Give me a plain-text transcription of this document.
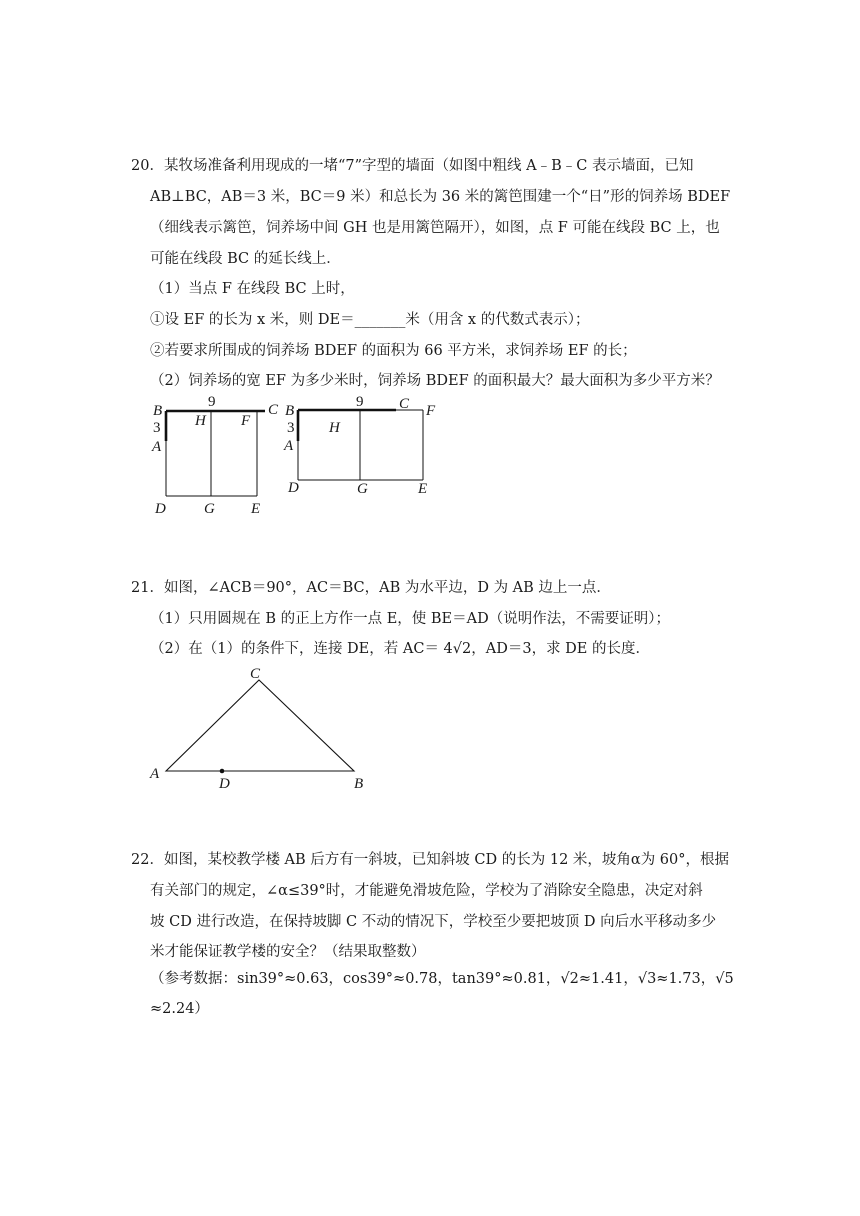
20．某牧场准备利用现成的一堵“7”字型的墙面（如图中粗线 A﹣B﹣C 表示墙面，已知
AB⊥BC，AB＝3 米，BC＝9 米）和总长为 36 米的篱笆围建一个“日”形的饲养场 BDEF
（细线表示篱笆，饲养场中间 GH 也是用篱笆隔开），如图，点 F 可能在线段 BC 上，也
可能在线段 BC 的延长线上．
（1）当点 F 在线段 BC 上时，
①设 EF 的长为 x 米，则 DE＝_______米（用含 x 的代数式表示）；
②若要求所围成的饲养场 BDEF 的面积为 66 平方米，求饲养场 EF 的长；
（2）饲养场的宽 EF 为多少米时，饲养场 BDEF 的面积最大？最大面积为多少平方米？
B	C
9
3
A
H F
D	G E
B	C F
9
3
A
H
D	G	E
21．如图，∠ACB＝90°，AC＝BC，AB 为水平边，D 为 AB 边上一点．
（1）只用圆规在 B 的正上方作一点 E，使 BE＝AD（说明作法，不需要证明）；
（2）在（1）的条件下，连接 DE，若 AC＝ 4√2，AD＝3，求 DE 的长度．
A
C
D	B
22．如图，某校教学楼 AB 后方有一斜坡，已知斜坡 CD 的长为 12 米，坡角α为 60°，根据
有关部门的规定，∠α≤39°时，才能避免滑坡危险，学校为了消除安全隐患，决定对斜
坡 CD 进行改造，在保持坡脚 C 不动的情况下，学校至少要把坡顶 D 向后水平移动多少
米才能保证教学楼的安全？（结果取整数）
（参考数据：sin39°≈0.63，cos39°≈0.78，tan39°≈0.81，√2≈1.41，√3≈1.73，√5
≈2.24）
